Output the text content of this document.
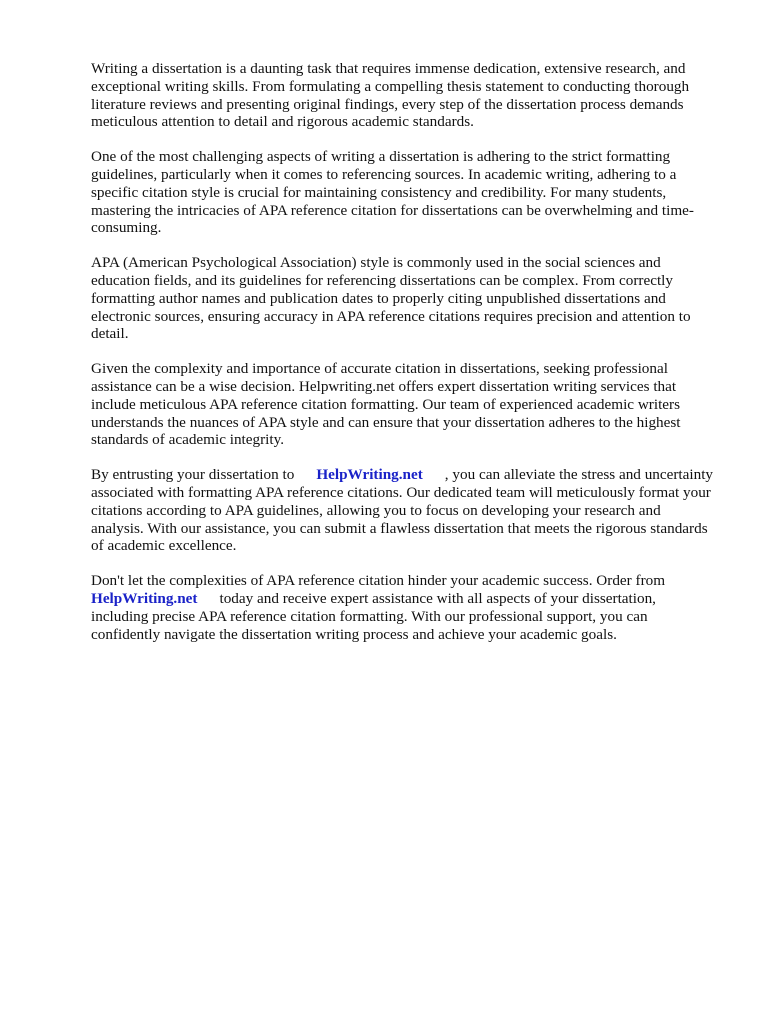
Writing a dissertation is a daunting task that requires immense dedication, extensive research, and exceptional writing skills. From formulating a compelling thesis statement to conducting thorough literature reviews and presenting original findings, every step of the dissertation process demands meticulous attention to detail and rigorous academic standards.

One of the most challenging aspects of writing a dissertation is adhering to the strict formatting guidelines, particularly when it comes to referencing sources. In academic writing, adhering to a specific citation style is crucial for maintaining consistency and credibility. For many students, mastering the intricacies of APA reference citation for dissertations can be overwhelming and time-consuming.

APA (American Psychological Association) style is commonly used in the social sciences and education fields, and its guidelines for referencing dissertations can be complex. From correctly formatting author names and publication dates to properly citing unpublished dissertations and electronic sources, ensuring accuracy in APA reference citations requires precision and attention to detail.

Given the complexity and importance of accurate citation in dissertations, seeking professional assistance can be a wise decision. Helpwriting.net offers expert dissertation writing services that include meticulous APA reference citation formatting. Our team of experienced academic writers understands the nuances of APA style and can ensure that your dissertation adheres to the highest standards of academic integrity.

By entrusting your dissertation to HelpWriting.net , you can alleviate the stress and uncertainty associated with formatting APA reference citations. Our dedicated team will meticulously format your citations according to APA guidelines, allowing you to focus on developing your research and analysis. With our assistance, you can submit a flawless dissertation that meets the rigorous standards of academic excellence.

Don't let the complexities of APA reference citation hinder your academic success. Order from HelpWriting.net today and receive expert assistance with all aspects of your dissertation, including precise APA reference citation formatting. With our professional support, you can confidently navigate the dissertation writing process and achieve your academic goals.
